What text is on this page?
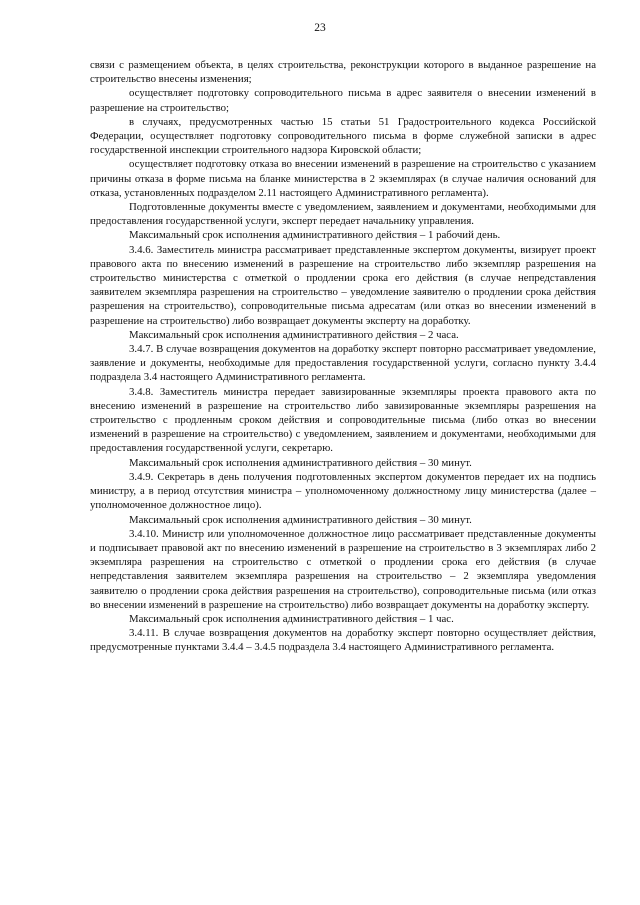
23

связи с размещением объекта, в целях строительства, реконструкции которого в выданное разрешение на строительство внесены изменения;

осуществляет подготовку сопроводительного письма в адрес заявителя о внесении изменений в разрешение на строительство;

в случаях, предусмотренных частью 15 статьи 51 Градостроительного кодекса Российской Федерации, осуществляет подготовку сопроводительного письма в форме служебной записки в адрес государственной инспекции строительного надзора Кировской области;

осуществляет подготовку отказа во внесении изменений в разрешение на строительство с указанием причины отказа в форме письма на бланке министерства в 2 экземплярах (в случае наличия оснований для отказа, установленных подразделом 2.11 настоящего Административного регламента).

Подготовленные документы вместе с уведомлением, заявлением и документами, необходимыми для предоставления государственной услуги, эксперт передает начальнику управления.

Максимальный срок исполнения административного действия – 1 рабочий день.

3.4.6. Заместитель министра рассматривает представленные экспертом документы, визирует проект правового акта по внесению изменений в разрешение на строительство либо экземпляр разрешения на строительство министерства с отметкой о продлении срока его действия (в случае непредставления заявителем экземпляра разрешения на строительство – уведомление заявителю о продлении срока действия разрешения на строительство), сопроводительные письма адресатам (или отказ во внесении изменений в разрешение на строительство) либо возвращает документы эксперту на доработку.

Максимальный срок исполнения административного действия – 2 часа.

3.4.7. В случае возвращения документов на доработку эксперт повторно рассматривает уведомление, заявление и документы, необходимые для предоставления государственной услуги, согласно пункту 3.4.4 подраздела 3.4 настоящего Административного регламента.

3.4.8. Заместитель министра передает завизированные экземпляры проекта правового акта по внесению изменений в разрешение на строительство либо завизированные экземпляры разрешения на строительство с продленным сроком действия и сопроводительные письма (либо отказ во внесении изменений в разрешение на строительство) с уведомлением, заявлением и документами, необходимыми для предоставления государственной услуги, секретарю.

Максимальный срок исполнения административного действия – 30 минут.

3.4.9. Секретарь в день получения подготовленных экспертом документов передает их на подпись министру, а в период отсутствия министра – уполномоченному должностному лицу министерства (далее – уполномоченное должностное лицо).

Максимальный срок исполнения административного действия – 30 минут.

3.4.10. Министр или уполномоченное должностное лицо рассматривает представленные документы и подписывает правовой акт по внесению изменений в разрешение на строительство в 3 экземплярах либо 2 экземпляра разрешения на строительство с отметкой о продлении срока его действия (в случае непредставления заявителем экземпляра разрешения на строительство – 2 экземпляра уведомления заявителю о продлении срока действия разрешения на строительство), сопроводительные письма (или отказ во внесении изменений в разрешение на строительство) либо возвращает документы на доработку эксперту.

Максимальный срок исполнения административного действия – 1 час.

3.4.11. В случае возвращения документов на доработку эксперт повторно осуществляет действия, предусмотренные пунктами 3.4.4 – 3.4.5 подраздела 3.4 настоящего Административного регламента.
